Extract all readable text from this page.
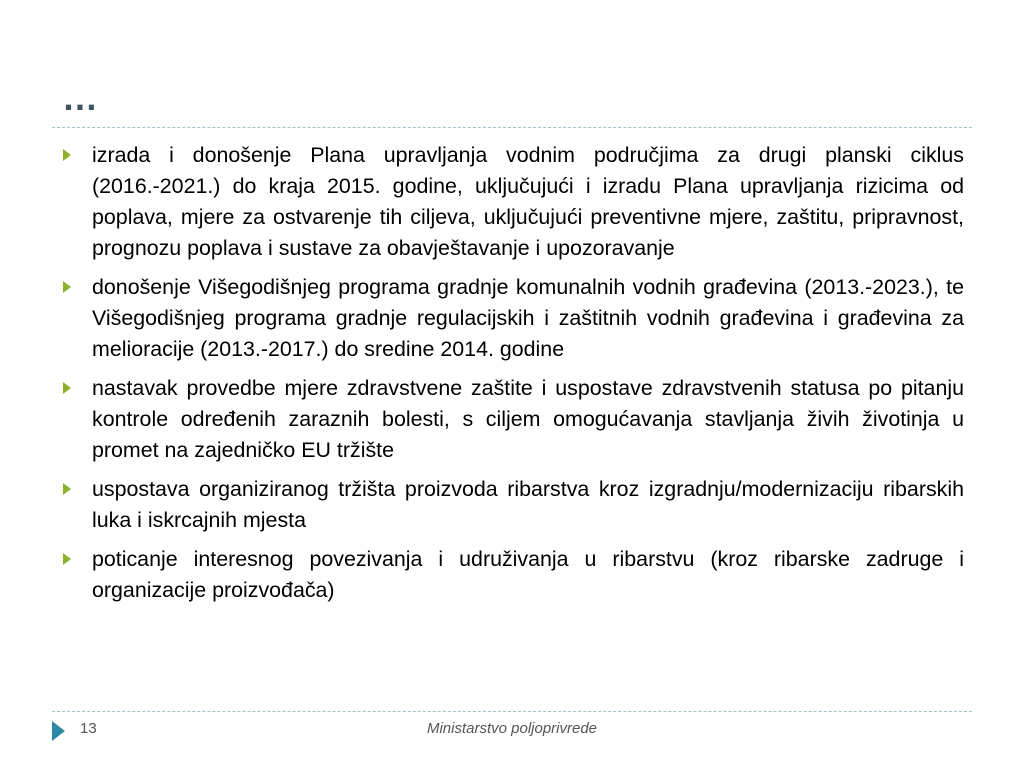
…
izrada i donošenje Plana upravljanja vodnim područjima za drugi planski ciklus (2016.-2021.) do kraja 2015. godine, uključujući i izradu Plana upravljanja rizicima od poplava, mjere za ostvarenje tih ciljeva, uključujući preventivne mjere, zaštitu, pripravnost, prognozu poplava i sustave za obavještavanje i upozoravanje
donošenje Višegodišnjeg programa gradnje komunalnih vodnih građevina (2013.-2023.), te Višegodišnjeg programa gradnje regulacijskih i zaštitnih vodnih građevina i građevina za melioracije (2013.-2017.) do sredine 2014. godine
nastavak provedbe mjere zdravstvene zaštite i uspostave zdravstvenih statusa po pitanju kontrole određenih zaraznih bolesti, s ciljem omogućavanja stavljanja živih životinja u promet na zajedničko EU tržište
uspostava organiziranog tržišta proizvoda ribarstva kroz izgradnju/modernizaciju ribarskih luka i iskrcajnih mjesta
poticanje interesnog povezivanja i udruživanja u ribarstvu (kroz ribarske zadruge i organizacije proizvođača)
13	Ministarstvo poljoprivrede
